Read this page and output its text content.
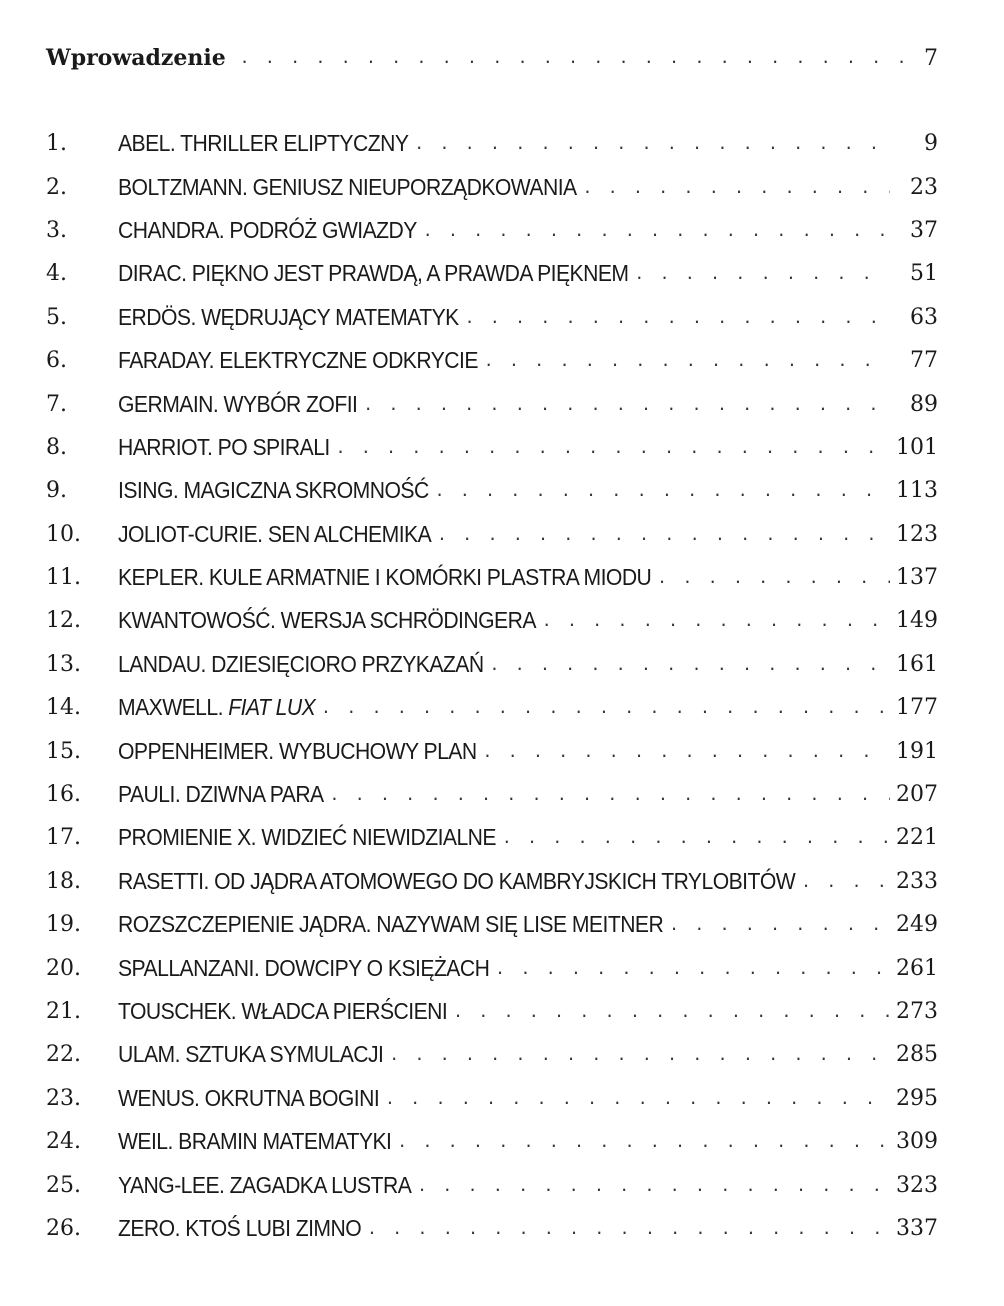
Wprowadzenie . . .	7
1.	ABEL. THRILLER ELIPTYCZNY . . .	9
2.	BOLTZMANN. GENIUSZ NIEUPORZĄDKOWANIA . . .	23
3.	CHANDRA. PODRÓŻ GWIAZDY . . .	37
4.	DIRAC. PIĘKNO JEST PRAWDĄ, A PRAWDA PIĘKNEM . . .	51
5.	ERDÖS. WĘDRUJĄCY MATEMATYK . . .	63
6.	FARADAY. ELEKTRYCZNE ODKRYCIE . . .	77
7.	GERMAIN. WYBÓR ZOFII . . .	89
8.	HARRIOT. PO SPIRALI . . .	101
9.	ISING. MAGICZNA SKROMNOŚĆ . . .	113
10.	JOLIOT-CURIE. SEN ALCHEMIKA . . .	123
11.	KEPLER. KULE ARMATNIE I KOMÓRKI PLASTRA MIODU . . .	137
12.	KWANTOWOŚĆ. WERSJA SCHRÖDINGERA . . .	149
13.	LANDAU. DZIESIĘCIORO PRZYKAZAŃ . . .	161
14.	MAXWELL. FIAT LUX . . .	177
15.	OPPENHEIMER. WYBUCHOWY PLAN . . .	191
16.	PAULI. DZIWNA PARA . . .	207
17.	PROMIENIE X. WIDZIEĆ NIEWIDZIALNE . . .	221
18.	RASETTI. OD JĄDRA ATOMOWEGO DO KAMBRYJSKICH TRYLOBITÓW . . .	233
19.	ROZSZCZEPIENIE JĄDRA. NAZYWAM SIĘ LISE MEITNER . . .	249
20.	SPALLANZANI. DOWCIPY O KSIĘŻACH . . .	261
21.	TOUSCHEK. WŁADCA PIERŚCIENI . . .	273
22.	ULAM. SZTUKA SYMULACJI . . .	285
23.	WENUS. OKRUTNA BOGINI . . .	295
24.	WEIL. BRAMIN MATEMATYKI . . .	309
25.	YANG-LEE. ZAGADKA LUSTRA . . .	323
26.	ZERO. KTOŚ LUBI ZIMNO . . .	337
